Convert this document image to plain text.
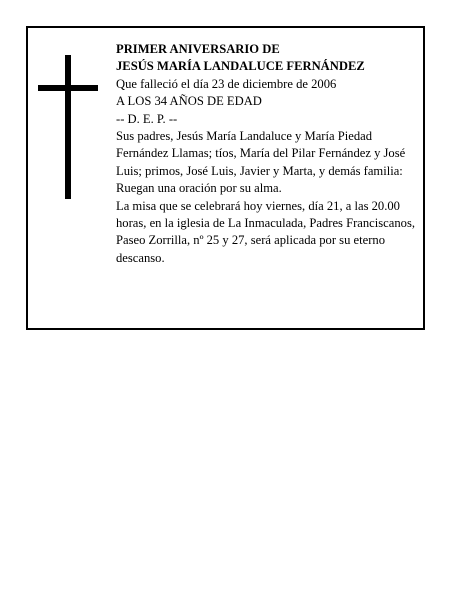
PRIMER ANIVERSARIO DE

JESÚS MARÍA LANDALUCE FERNÁNDEZ

Que falleció el día 23 de diciembre de 2006

A LOS 34 AÑOS DE EDAD

-- D. E. P. --

Sus padres, Jesús María Landaluce y María Piedad Fernández Llamas; tíos, María del Pilar Fernández y José Luis; primos, José Luis, Javier y Marta, y demás familia:

Ruegan una oración por su alma.

La misa que se celebrará hoy viernes, día 21, a las 20.00 horas, en la iglesia de La Inmaculada, Padres Franciscanos, Paseo Zorrilla, nº 25 y 27, será aplicada por su eterno descanso.
